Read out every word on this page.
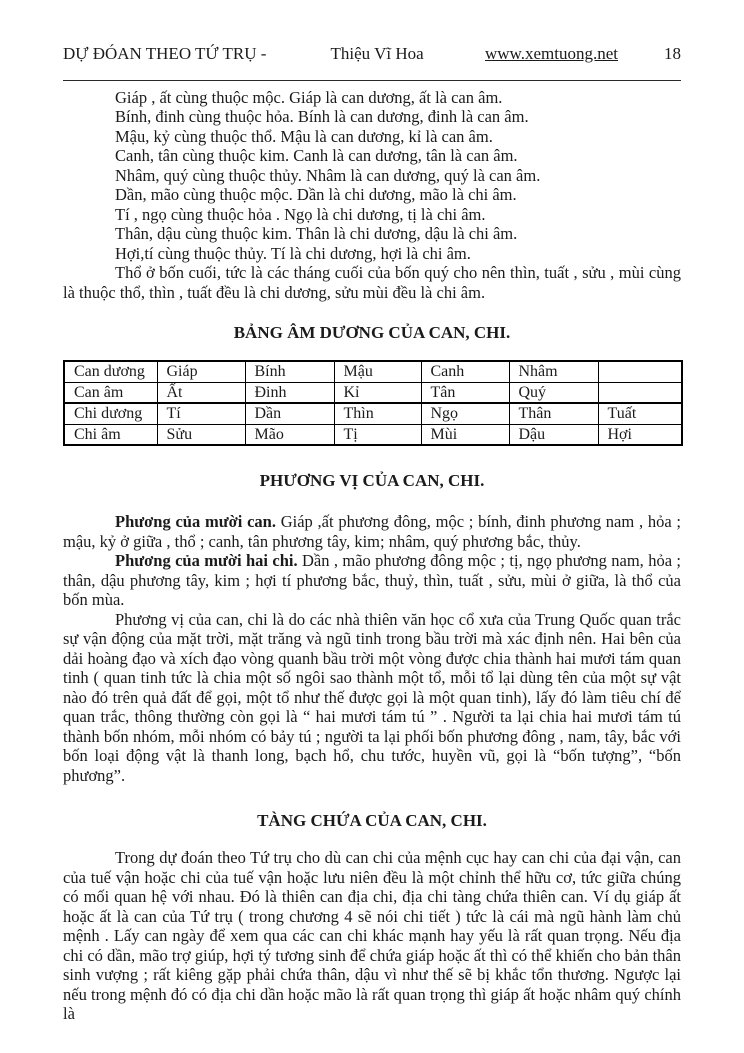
DỰ ĐÓAN THEO TỨ TRỤ -	Thiệu Vĩ Hoa	www.xemtuong.net	18
Giáp , ất cùng thuộc mộc. Giáp là can dương, ất là can âm.
Bính, đinh cùng thuộc hỏa. Bính là can dương, đinh là can âm.
Mậu, kỷ cùng thuộc thổ. Mậu là can dương, kỉ là can âm.
Canh, tân cùng thuộc kim. Canh là can dương, tân là can âm.
Nhâm, quý cùng thuộc thủy. Nhâm là can dương, quý là can âm.
Dần, mão cùng thuộc mộc. Dần là chi dương, mão là chi âm.
Tí , ngọ cùng thuộc hỏa . Ngọ là chi dương, tị là chi âm.
Thân, dậu cùng thuộc kim. Thân là chi dương, dậu là chi âm.
Hợi,tí cùng thuộc thủy. Tí là chi dương, hợi là chi âm.

Thổ ở bốn cuối, tức là các tháng cuối của bốn quý cho nên thìn, tuất , sửu , mùi cùng là thuộc thổ, thìn , tuất đều là chi dương, sửu mùi đều là chi âm.

BẢNG ÂM DƯƠNG CỦA CAN, CHI.
Can dương	Giáp	Bính	Mậu	Canh	Nhâm	
Can âm	Ất	Đinh	Kỉ	Tân	Quý	
Chi dương	Tí	Dần	Thìn	Ngọ	Thân	Tuất
Chi âm	Sửu	Mão	Tị	Mùi	Dậu	Hợi
PHƯƠNG VỊ CỦA CAN, CHI.

Phương của mười can. Giáp ,ất phương đông, mộc ; bính, đinh phương nam , hỏa ; mậu, kỷ ở giữa , thổ ; canh, tân phương tây, kim; nhâm, quý phương bắc, thủy.

Phương của mười hai chi. Dần , mão phương đông mộc ; tị, ngọ phương nam, hỏa ; thân, dậu phương tây, kim ; hợi tí phương bắc, thuỷ, thìn, tuất , sửu, mùi ở giữa, là thổ của bốn mùa.

Phương vị của can, chi là do các nhà thiên văn học cổ xưa của Trung Quốc quan trắc sự vận động của mặt trời, mặt trăng và ngũ tinh trong bầu trời mà xác định nên. Hai bên của dải hoàng đạo và xích đạo vòng quanh bầu trời một vòng được chia thành hai mươi tám quan tinh ( quan tinh tức là chia một số ngôi sao thành một tổ, mỗi tổ lại dùng tên của một sự vật nào đó trên quả đất để gọi, một tổ như thế được gọi là một quan tinh), lấy đó làm tiêu chí để quan trắc, thông thường còn gọi là “ hai mươi tám tú ” . Người ta lại chia hai mươi tám tú thành bốn nhóm, mỗi nhóm có bảy tú ; người ta lại phối bốn phương đông , nam, tây, bắc với bốn loại động vật là thanh long, bạch hổ, chu tước, huyền vũ, gọi là “bốn tượng”, “bốn phương”.

TÀNG CHỨA CỦA CAN, CHI.

Trong dự đoán theo Tứ trụ cho dù can chi của mệnh cục hay can chi của đại vận, can của tuế vận hoặc chi của tuế vận hoặc lưu niên đều là một chỉnh thể hữu cơ, tức giữa chúng có mối quan hệ với nhau. Đó là thiên can địa chi, địa chi tàng chứa thiên can. Ví dụ giáp ất hoặc ất là can của Tứ trụ ( trong chương 4 sẽ nói chi tiết ) tức là cái mà ngũ hành làm chủ mệnh . Lấy can ngày để xem qua các can chi khác mạnh hay yếu là rất quan trọng. Nếu địa chi có dần, mão trợ giúp, hợi tý tương sinh để chứa giáp hoặc ất thì có thể khiến cho bản thân sinh vượng ; rất kiêng gặp phải chứa thân, dậu vì như thế sẽ bị khắc tổn thương. Ngược lại nếu trong mệnh đó có địa chi dần hoặc mão là rất quan trọng thì giáp ất hoặc nhâm quý chính là
